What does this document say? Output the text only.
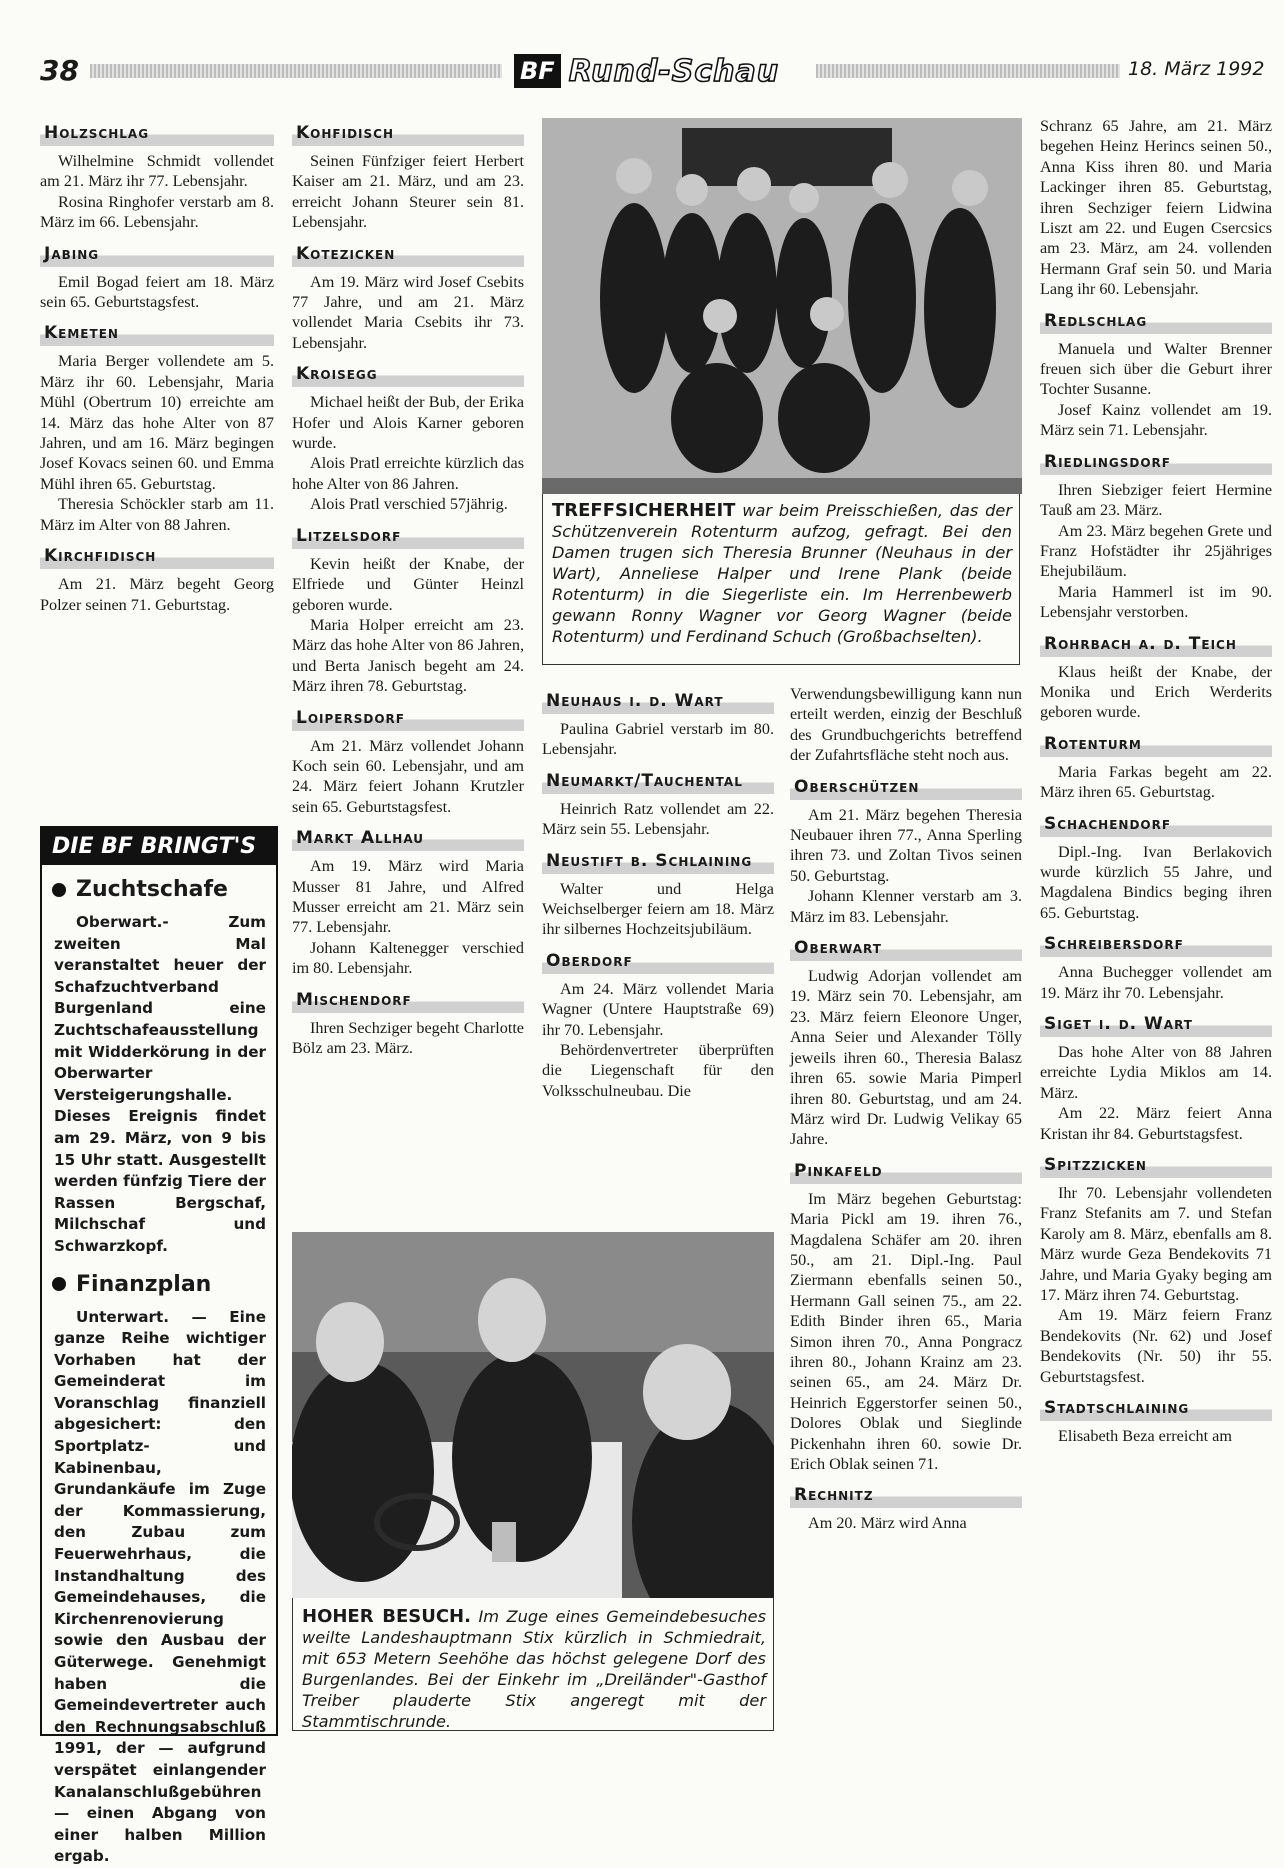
38	BF Rund-Schau	18. März 1992
Holzschlag

Wilhelmine Schmidt vollendet am 21. März ihr 77. Lebensjahr.

Rosina Ringhofer verstarb am 8. März im 66. Lebensjahr.

Jabing

Emil Bogad feiert am 18. März sein 65. Geburtstagsfest.

Kemeten

Maria Berger vollendete am 5. März ihr 60. Lebensjahr, Maria Mühl (Obertrum 10) erreichte am 14. März das hohe Alter von 87 Jahren, und am 16. März begingen Josef Kovacs seinen 60. und Emma Mühl ihren 65. Geburtstag.

Theresia Schöckler starb am 11. März im Alter von 88 Jahren.

Kirchfidisch

Am 21. März begeht Georg Polzer seinen 71. Geburtstag.

DIE BF BRINGT'S
Zuchtschafe

Oberwart.- Zum zweiten Mal veranstaltet heuer der Schafzuchtverband Burgenland eine Zuchtschafeausstellung mit Widderkörung in der Oberwarter Versteigerungshalle. Dieses Ereignis findet am 29. März, von 9 bis 15 Uhr statt. Ausgestellt werden fünfzig Tiere der Rassen Bergschaf, Milchschaf und Schwarzkopf.

Finanzplan

Unterwart. — Eine ganze Reihe wichtiger Vorhaben hat der Gemeinderat im Voranschlag finanziell abgesichert: den Sportplatz- und Kabinenbau, Grundankäufe im Zuge der Kommassierung, den Zubau zum Feuerwehrhaus, die Instandhaltung des Gemeindehauses, die Kirchenrenovierung sowie den Ausbau der Güterwege. Genehmigt haben die Gemeindevertreter auch den Rechnungsabschluß 1991, der — aufgrund verspätet einlangender Kanalanschlußgebühren — einen Abgang von einer halben Million ergab.

Kohfidisch

Seinen Fünfziger feiert Herbert Kaiser am 21. März, und am 23. erreicht Johann Steurer sein 81. Lebensjahr.

Kotezicken

Am 19. März wird Josef Csebits 77 Jahre, und am 21. März vollendet Maria Csebits ihr 73. Lebensjahr.

Kroisegg

Michael heißt der Bub, der Erika Hofer und Alois Karner geboren wurde.

Alois Pratl erreichte kürzlich das hohe Alter von 86 Jahren.

Alois Pratl verschied 57jährig.

Litzelsdorf

Kevin heißt der Knabe, der Elfriede und Günter Heinzl geboren wurde.

Maria Holper erreicht am 23. März das hohe Alter von 86 Jahren, und Berta Janisch begeht am 24. März ihren 78. Geburtstag.

Loipersdorf

Am 21. März vollendet Johann Koch sein 60. Lebensjahr, und am 24. März feiert Johann Krutzler sein 65. Geburtstagsfest.

Markt Allhau

Am 19. März wird Maria Musser 81 Jahre, und Alfred Musser erreicht am 21. März sein 77. Lebensjahr.

Johann Kaltenegger verschied im 80. Lebensjahr.

Mischendorf

Ihren Sechziger begeht Charlotte Bölz am 23. März.

TREFFSICHERHEIT war beim Preisschießen, das der Schützenverein Rotenturm aufzog, gefragt. Bei den Damen trugen sich Theresia Brunner (Neuhaus in der Wart), Anneliese Halper und Irene Plank (beide Rotenturm) in die Siegerliste ein. Im Herrenbewerb gewann Ronny Wagner vor Georg Wagner (beide Rotenturm) und Ferdinand Schuch (Großbachselten).
Neuhaus i. d. Wart

Paulina Gabriel verstarb im 80. Lebensjahr.

Neumarkt/Tauchental

Heinrich Ratz vollendet am 22. März sein 55. Lebensjahr.

Neustift b. Schlaining

Walter und Helga Weichselberger feiern am 18. März ihr silbernes Hochzeitsjubiläum.

Oberdorf

Am 24. März vollendet Maria Wagner (Untere Hauptstraße 69) ihr 70. Lebensjahr.

Behördenvertreter überprüften die Liegenschaft für den Volksschulneubau. Die

Verwendungsbewilligung kann nun erteilt werden, einzig der Beschluß des Grundbuchgerichts betreffend der Zufahrtsfläche steht noch aus.

Oberschützen

Am 21. März begehen Theresia Neubauer ihren 77., Anna Sperling ihren 73. und Zoltan Tivos seinen 50. Geburtstag.

Johann Klenner verstarb am 3. März im 83. Lebensjahr.

Oberwart

Ludwig Adorjan vollendet am 19. März sein 70. Lebensjahr, am 23. März feiern Eleonore Unger, Anna Seier und Alexander Tölly jeweils ihren 60., Theresia Balasz ihren 65. sowie Maria Pimperl ihren 80. Geburtstag, und am 24. März wird Dr. Ludwig Velikay 65 Jahre.

Pinkafeld

Im März begehen Geburtstag: Maria Pickl am 19. ihren 76., Magdalena Schäfer am 20. ihren 50., am 21. Dipl.-Ing. Paul Ziermann ebenfalls seinen 50., Hermann Gall seinen 75., am 22. Edith Binder ihren 65., Maria Simon ihren 70., Anna Pongracz ihren 80., Johann Krainz am 23. seinen 65., am 24. März Dr. Heinrich Eggerstorfer seinen 50., Dolores Oblak und Sieglinde Pickenhahn ihren 60. sowie Dr. Erich Oblak seinen 71.

Rechnitz

Am 20. März wird Anna

HOHER BESUCH. Im Zuge eines Gemeindebesuches weilte Landeshauptmann Stix kürzlich in Schmiedrait, mit 653 Metern Seehöhe das höchst gelegene Dorf des Burgenlandes. Bei der Einkehr im „Dreiländer"-Gasthof Treiber plauderte Stix angeregt mit der Stammtischrunde.

Schranz 65 Jahre, am 21. März begehen Heinz Herincs seinen 50., Anna Kiss ihren 80. und Maria Lackinger ihren 85. Geburtstag, ihren Sechziger feiern Lidwina Liszt am 22. und Eugen Csercsics am 23. März, am 24. vollenden Hermann Graf sein 50. und Maria Lang ihr 60. Lebensjahr.

Redlschlag

Manuela und Walter Brenner freuen sich über die Geburt ihrer Tochter Susanne.

Josef Kainz vollendet am 19. März sein 71. Lebensjahr.

Riedlingsdorf

Ihren Siebziger feiert Hermine Tauß am 23. März.

Am 23. März begehen Grete und Franz Hofstädter ihr 25jähriges Ehejubiläum.

Maria Hammerl ist im 90. Lebensjahr verstorben.

Rohrbach a. d. Teich

Klaus heißt der Knabe, der Monika und Erich Werderits geboren wurde.

Rotenturm

Maria Farkas begeht am 22. März ihren 65. Geburtstag.

Schachendorf

Dipl.-Ing. Ivan Berlakovich wurde kürzlich 55 Jahre, und Magdalena Bindics beging ihren 65. Geburtstag.

Schreibersdorf

Anna Buchegger vollendet am 19. März ihr 70. Lebensjahr.

Siget i. d. Wart

Das hohe Alter von 88 Jahren erreichte Lydia Miklos am 14. März.

Am 22. März feiert Anna Kristan ihr 84. Geburtstagsfest.

Spitzzicken

Ihr 70. Lebensjahr vollendeten Franz Stefanits am 7. und Stefan Karoly am 8. März, ebenfalls am 8. März wurde Geza Bendekovits 71 Jahre, und Maria Gyaky beging am 17. März ihren 74. Geburtstag.

Am 19. März feiern Franz Bendekovits (Nr. 62) und Josef Bendekovits (Nr. 50) ihr 55. Geburtstagsfest.

Stadtschlaining

Elisabeth Beza erreicht am
